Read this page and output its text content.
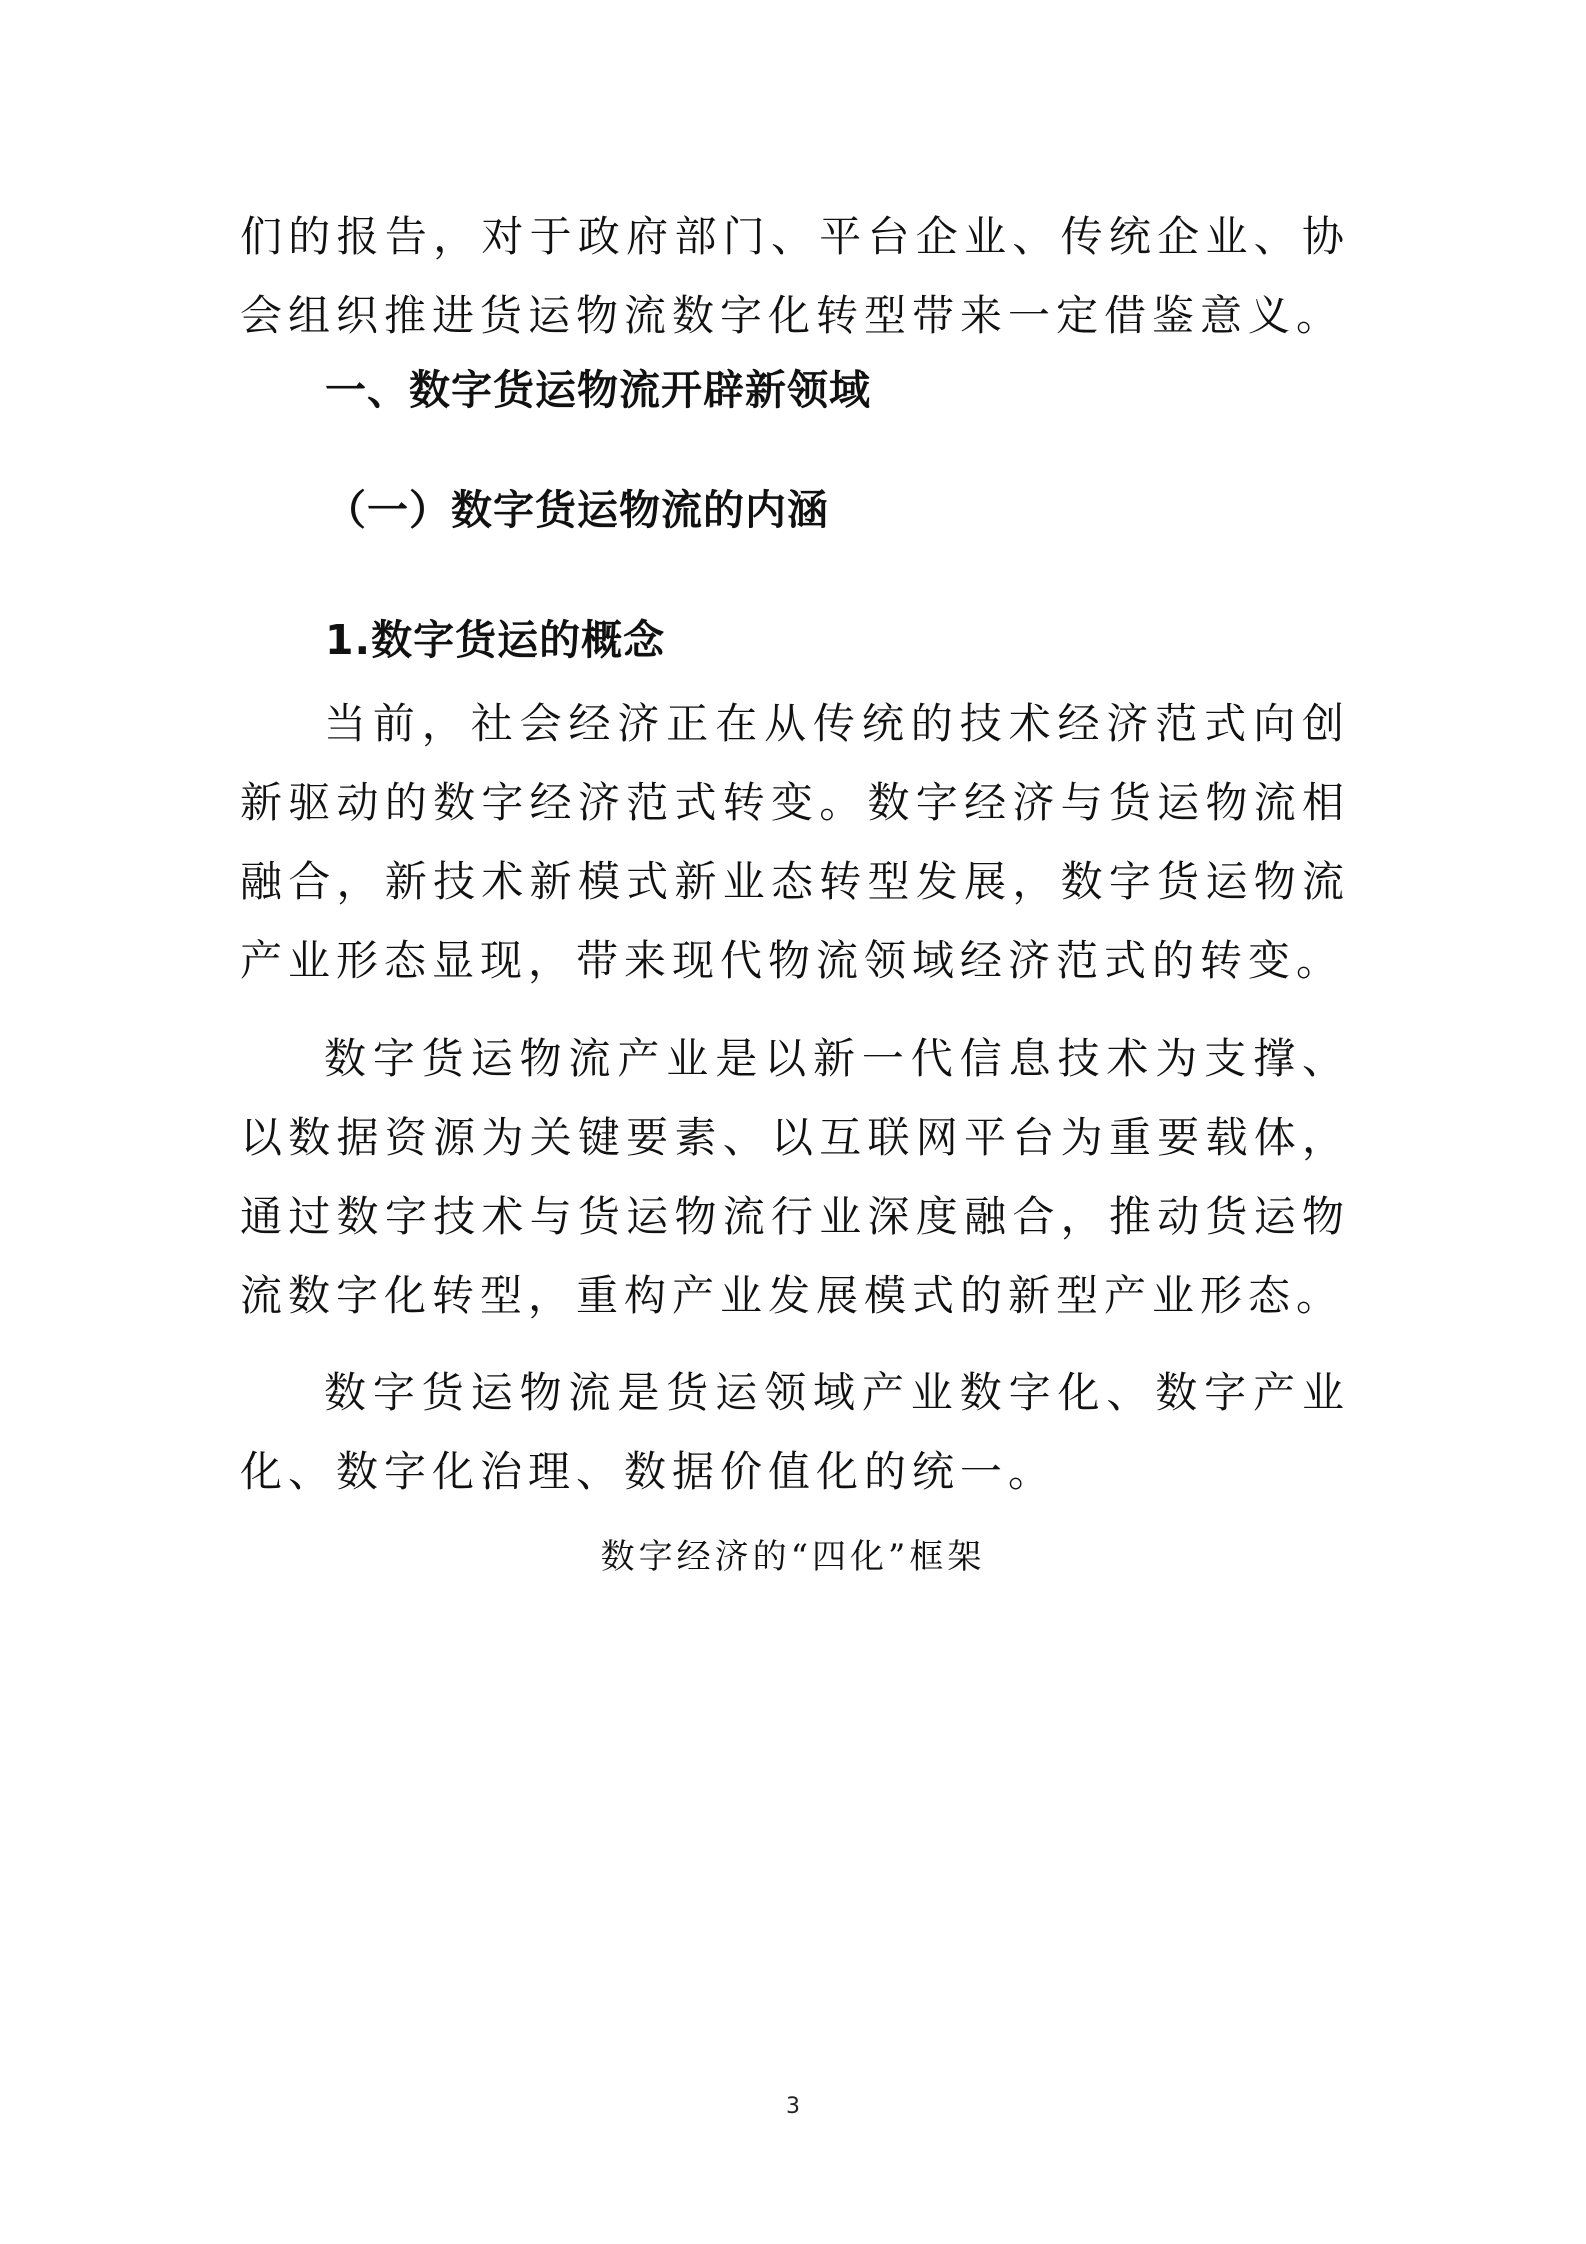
们的报告，对于政府部门、平台企业、传统企业、协会组织推进货运物流数字化转型带来一定借鉴意义。

一、数字货运物流开辟新领域
（一）数字货运物流的内涵
1.数字货运的概念

当前，社会经济正在从传统的技术经济范式向创新驱动的数字经济范式转变。数字经济与货运物流相融合，新技术新模式新业态转型发展，数字货运物流产业形态显现，带来现代物流领域经济范式的转变。

数字货运物流产业是以新一代信息技术为支撑、以数据资源为关键要素、以互联网平台为重要载体，通过数字技术与货运物流行业深度融合，推动货运物流数字化转型，重构产业发展模式的新型产业形态。

数字货运物流是货运领域产业数字化、数字产业化、数字化治理、数据价值化的统一。

数字经济的“四化”框架
3
